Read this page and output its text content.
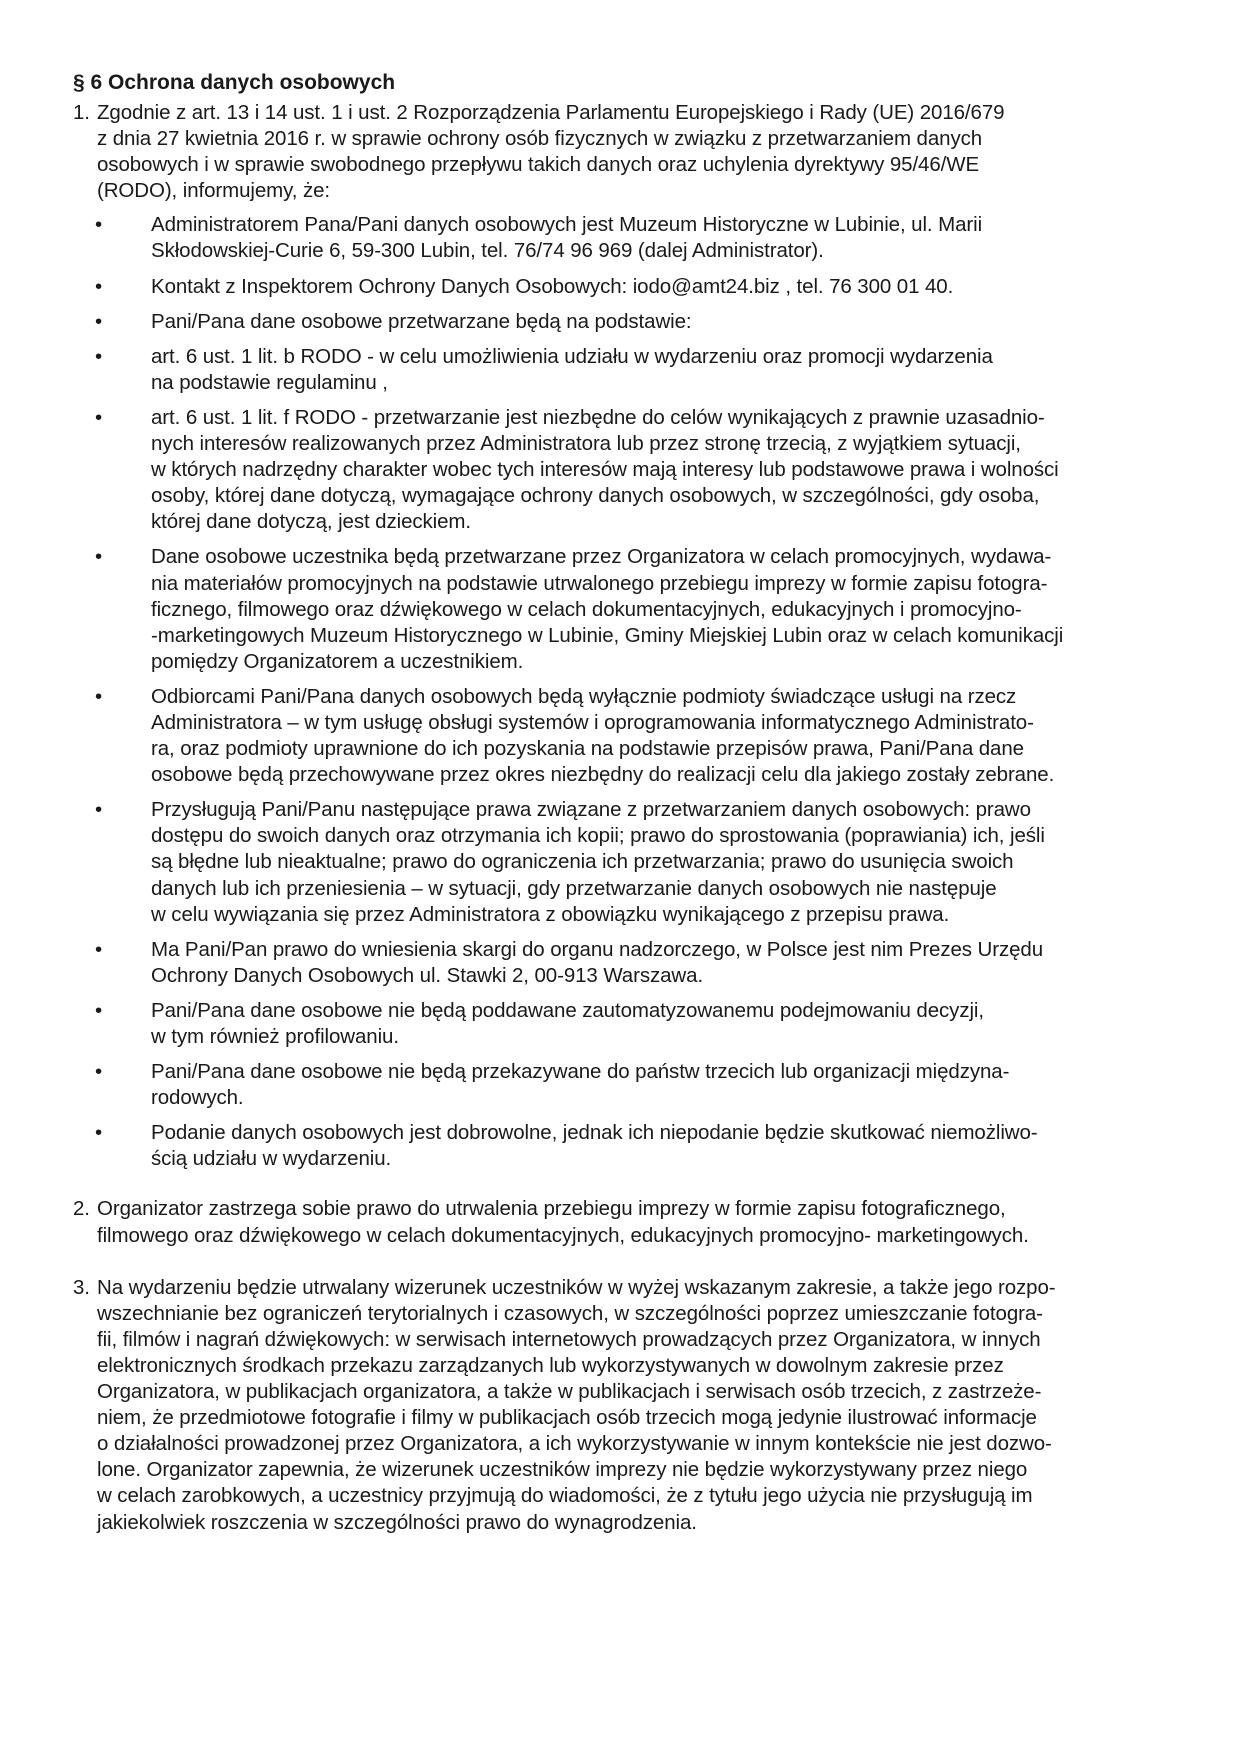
§ 6 Ochrona danych osobowych
1. Zgodnie z art. 13 i 14 ust. 1 i ust. 2 Rozporządzenia Parlamentu Europejskiego i Rady (UE) 2016/679
z dnia 27 kwietnia 2016 r. w sprawie ochrony osób fizycznych w związku z przetwarzaniem danych
osobowych i w sprawie swobodnego przepływu takich danych oraz uchylenia dyrektywy 95/46/WE
(RODO), informujemy, że:
• Administratorem Pana/Pani danych osobowych jest Muzeum Historyczne w Lubinie, ul. Marii
Skłodowskiej-Curie 6, 59-300 Lubin, tel. 76/74 96 969 (dalej Administrator).
• Kontakt z Inspektorem Ochrony Danych Osobowych: iodo@amt24.biz , tel. 76 300 01 40.
• Pani/Pana dane osobowe przetwarzane będą na podstawie:
• art. 6 ust. 1 lit. b RODO - w celu umożliwienia udziału w wydarzeniu oraz promocji wydarzenia
na podstawie regulaminu ,
• art. 6 ust. 1 lit. f RODO - przetwarzanie jest niezbędne do celów wynikających z prawnie uzasadnio-
nych interesów realizowanych przez Administratora lub przez stronę trzecią, z wyjątkiem sytuacji,
w których nadrzędny charakter wobec tych interesów mają interesy lub podstawowe prawa i wolności
osoby, której dane dotyczą, wymagające ochrony danych osobowych, w szczególności, gdy osoba,
której dane dotyczą, jest dzieckiem.
• Dane osobowe uczestnika będą przetwarzane przez Organizatora w celach promocyjnych, wydawa-
nia materiałów promocyjnych na podstawie utrwalonego przebiegu imprezy w formie zapisu fotogra-
ficznego, filmowego oraz dźwiękowego w celach dokumentacyjnych, edukacyjnych i promocyjno-
-marketingowych Muzeum Historycznego w Lubinie, Gminy Miejskiej Lubin oraz w celach komunikacji
pomiędzy Organizatorem a uczestnikiem.
• Odbiorcami Pani/Pana danych osobowych będą wyłącznie podmioty świadczące usługi na rzecz
Administratora – w tym usługę obsługi systemów i oprogramowania informatycznego Administrato-
ra, oraz podmioty uprawnione do ich pozyskania na podstawie przepisów prawa, Pani/Pana dane
osobowe będą przechowywane przez okres niezbędny do realizacji celu dla jakiego zostały zebrane.
• Przysługują Pani/Panu następujące prawa związane z przetwarzaniem danych osobowych: prawo
dostępu do swoich danych oraz otrzymania ich kopii; prawo do sprostowania (poprawiania) ich, jeśli
są błędne lub nieaktualne; prawo do ograniczenia ich przetwarzania; prawo do usunięcia swoich
danych lub ich przeniesienia – w sytuacji, gdy przetwarzanie danych osobowych nie następuje
w celu wywiązania się przez Administratora z obowiązku wynikającego z przepisu prawa.
• Ma Pani/Pan prawo do wniesienia skargi do organu nadzorczego, w Polsce jest nim Prezes Urzędu
Ochrony Danych Osobowych ul. Stawki 2, 00-913 Warszawa.
• Pani/Pana dane osobowe nie będą poddawane zautomatyzowanemu podejmowaniu decyzji,
w tym również profilowaniu.
• Pani/Pana dane osobowe nie będą przekazywane do państw trzecich lub organizacji międzyna-
rodowych.
• Podanie danych osobowych jest dobrowolne, jednak ich niepodanie będzie skutkować niemożliwo-
ścią udziału w wydarzeniu.
2. Organizator zastrzega sobie prawo do utrwalenia przebiegu imprezy w formie zapisu fotograficznego,
filmowego oraz dźwiękowego w celach dokumentacyjnych, edukacyjnych promocyjno- marketingowych.
3. Na wydarzeniu będzie utrwalany wizerunek uczestników w wyżej wskazanym zakresie, a także jego rozpo-
wszechnianie bez ograniczeń terytorialnych i czasowych, w szczególności poprzez umieszczanie fotogra-
fii, filmów i nagrań dźwiękowych: w serwisach internetowych prowadzących przez Organizatora, w innych
elektronicznych środkach przekazu zarządzanych lub wykorzystywanych w dowolnym zakresie przez
Organizatora, w publikacjach organizatora, a także w publikacjach i serwisach osób trzecich, z zastrzeże-
niem, że przedmiotowe fotografie i filmy w publikacjach osób trzecich mogą jedynie ilustrować informacje
o działalności prowadzonej przez Organizatora, a ich wykorzystywanie w innym kontekście nie jest dozwo-
lone. Organizator zapewnia, że wizerunek uczestników imprezy nie będzie wykorzystywany przez niego
w celach zarobkowych, a uczestnicy przyjmują do wiadomości, że z tytułu jego użycia nie przysługują im
jakiekolwiek roszczenia w szczególności prawo do wynagrodzenia.
